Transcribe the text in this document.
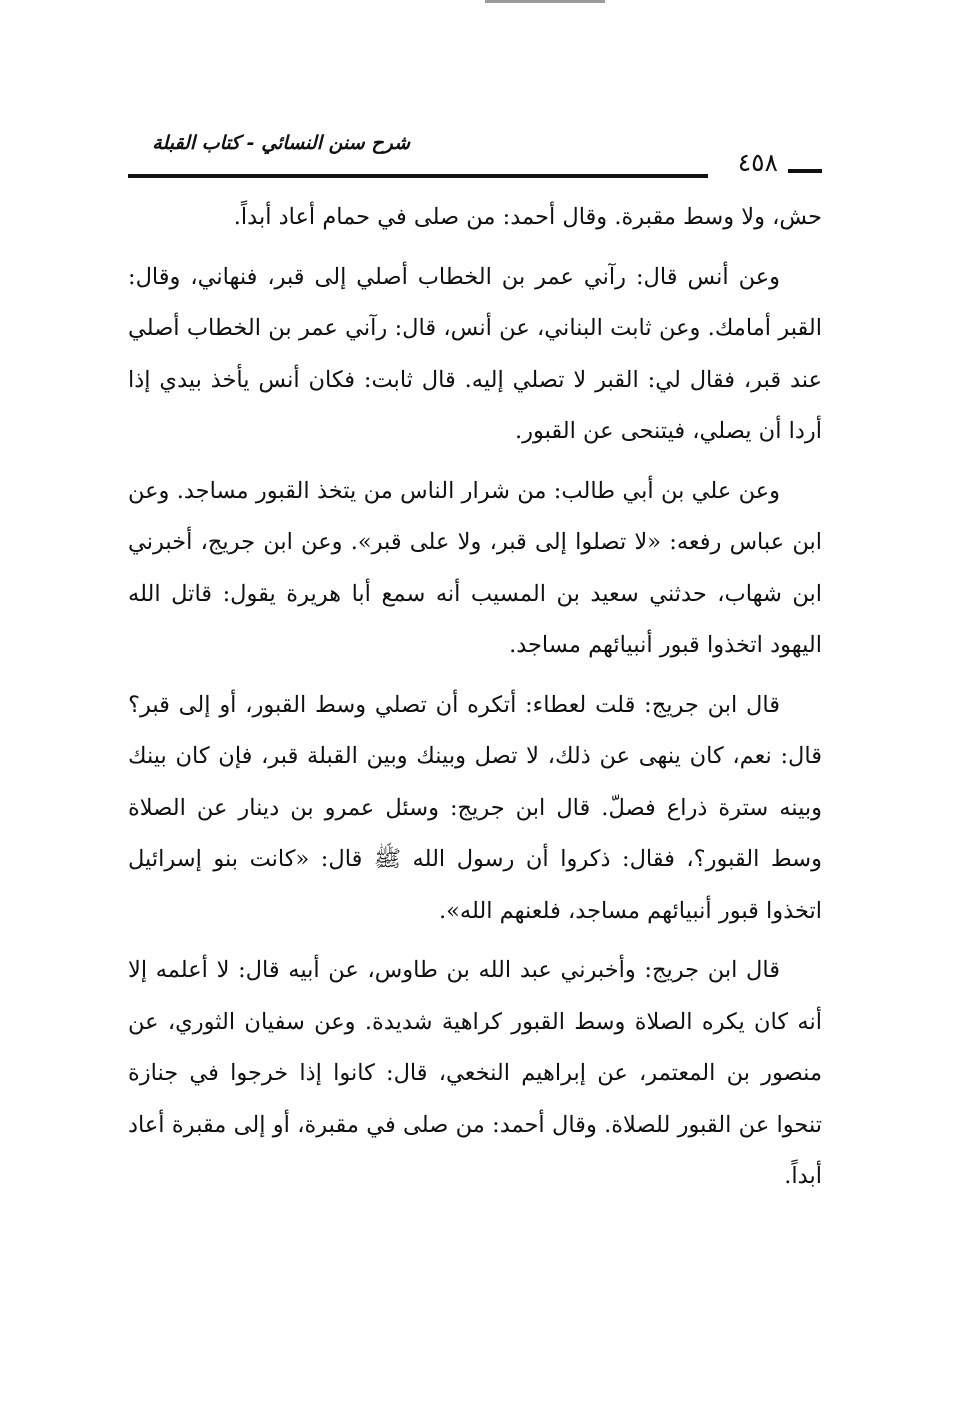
شرح سنن النسائي - كتاب القبلة
٤٥٨

حش، ولا وسط مقبرة. وقال أحمد: من صلى في حمام أعاد أبداً.

وعن أنس قال: رآني عمر بن الخطاب أصلي إلى قبر، فنهاني، وقال: القبر أمامك. وعن ثابت البناني، عن أنس، قال: رآني عمر بن الخطاب أصلي عند قبر، فقال لي: القبر لا تصلي إليه. قال ثابت: فكان أنس يأخذ بيدي إذا أردا أن يصلي، فيتنحى عن القبور.

وعن علي بن أبي طالب: من شرار الناس من يتخذ القبور مساجد. وعن ابن عباس رفعه: «لا تصلوا إلى قبر، ولا على قبر». وعن ابن جريج، أخبرني ابن شهاب، حدثني سعيد بن المسيب أنه سمع أبا هريرة يقول: قاتل الله اليهود اتخذوا قبور أنبيائهم مساجد.

قال ابن جريج: قلت لعطاء: أتكره أن تصلي وسط القبور، أو إلى قبر؟ قال: نعم، كان ينهى عن ذلك، لا تصل وبينك وبين القبلة قبر، فإن كان بينك وبينه سترة ذراع فصلّ. قال ابن جريج: وسئل عمرو بن دينار عن الصلاة وسط القبور؟، فقال: ذكروا أن رسول الله ﷺ قال: «كانت بنو إسرائيل اتخذوا قبور أنبيائهم مساجد، فلعنهم الله».

قال ابن جريج: وأخبرني عبد الله بن طاوس، عن أبيه قال: لا أعلمه إلا أنه كان يكره الصلاة وسط القبور كراهية شديدة. وعن سفيان الثوري، عن منصور بن المعتمر، عن إبراهيم النخعي، قال: كانوا إذا خرجوا في جنازة تنحوا عن القبور للصلاة. وقال أحمد: من صلى في مقبرة، أو إلى مقبرة أعاد أبداً.
